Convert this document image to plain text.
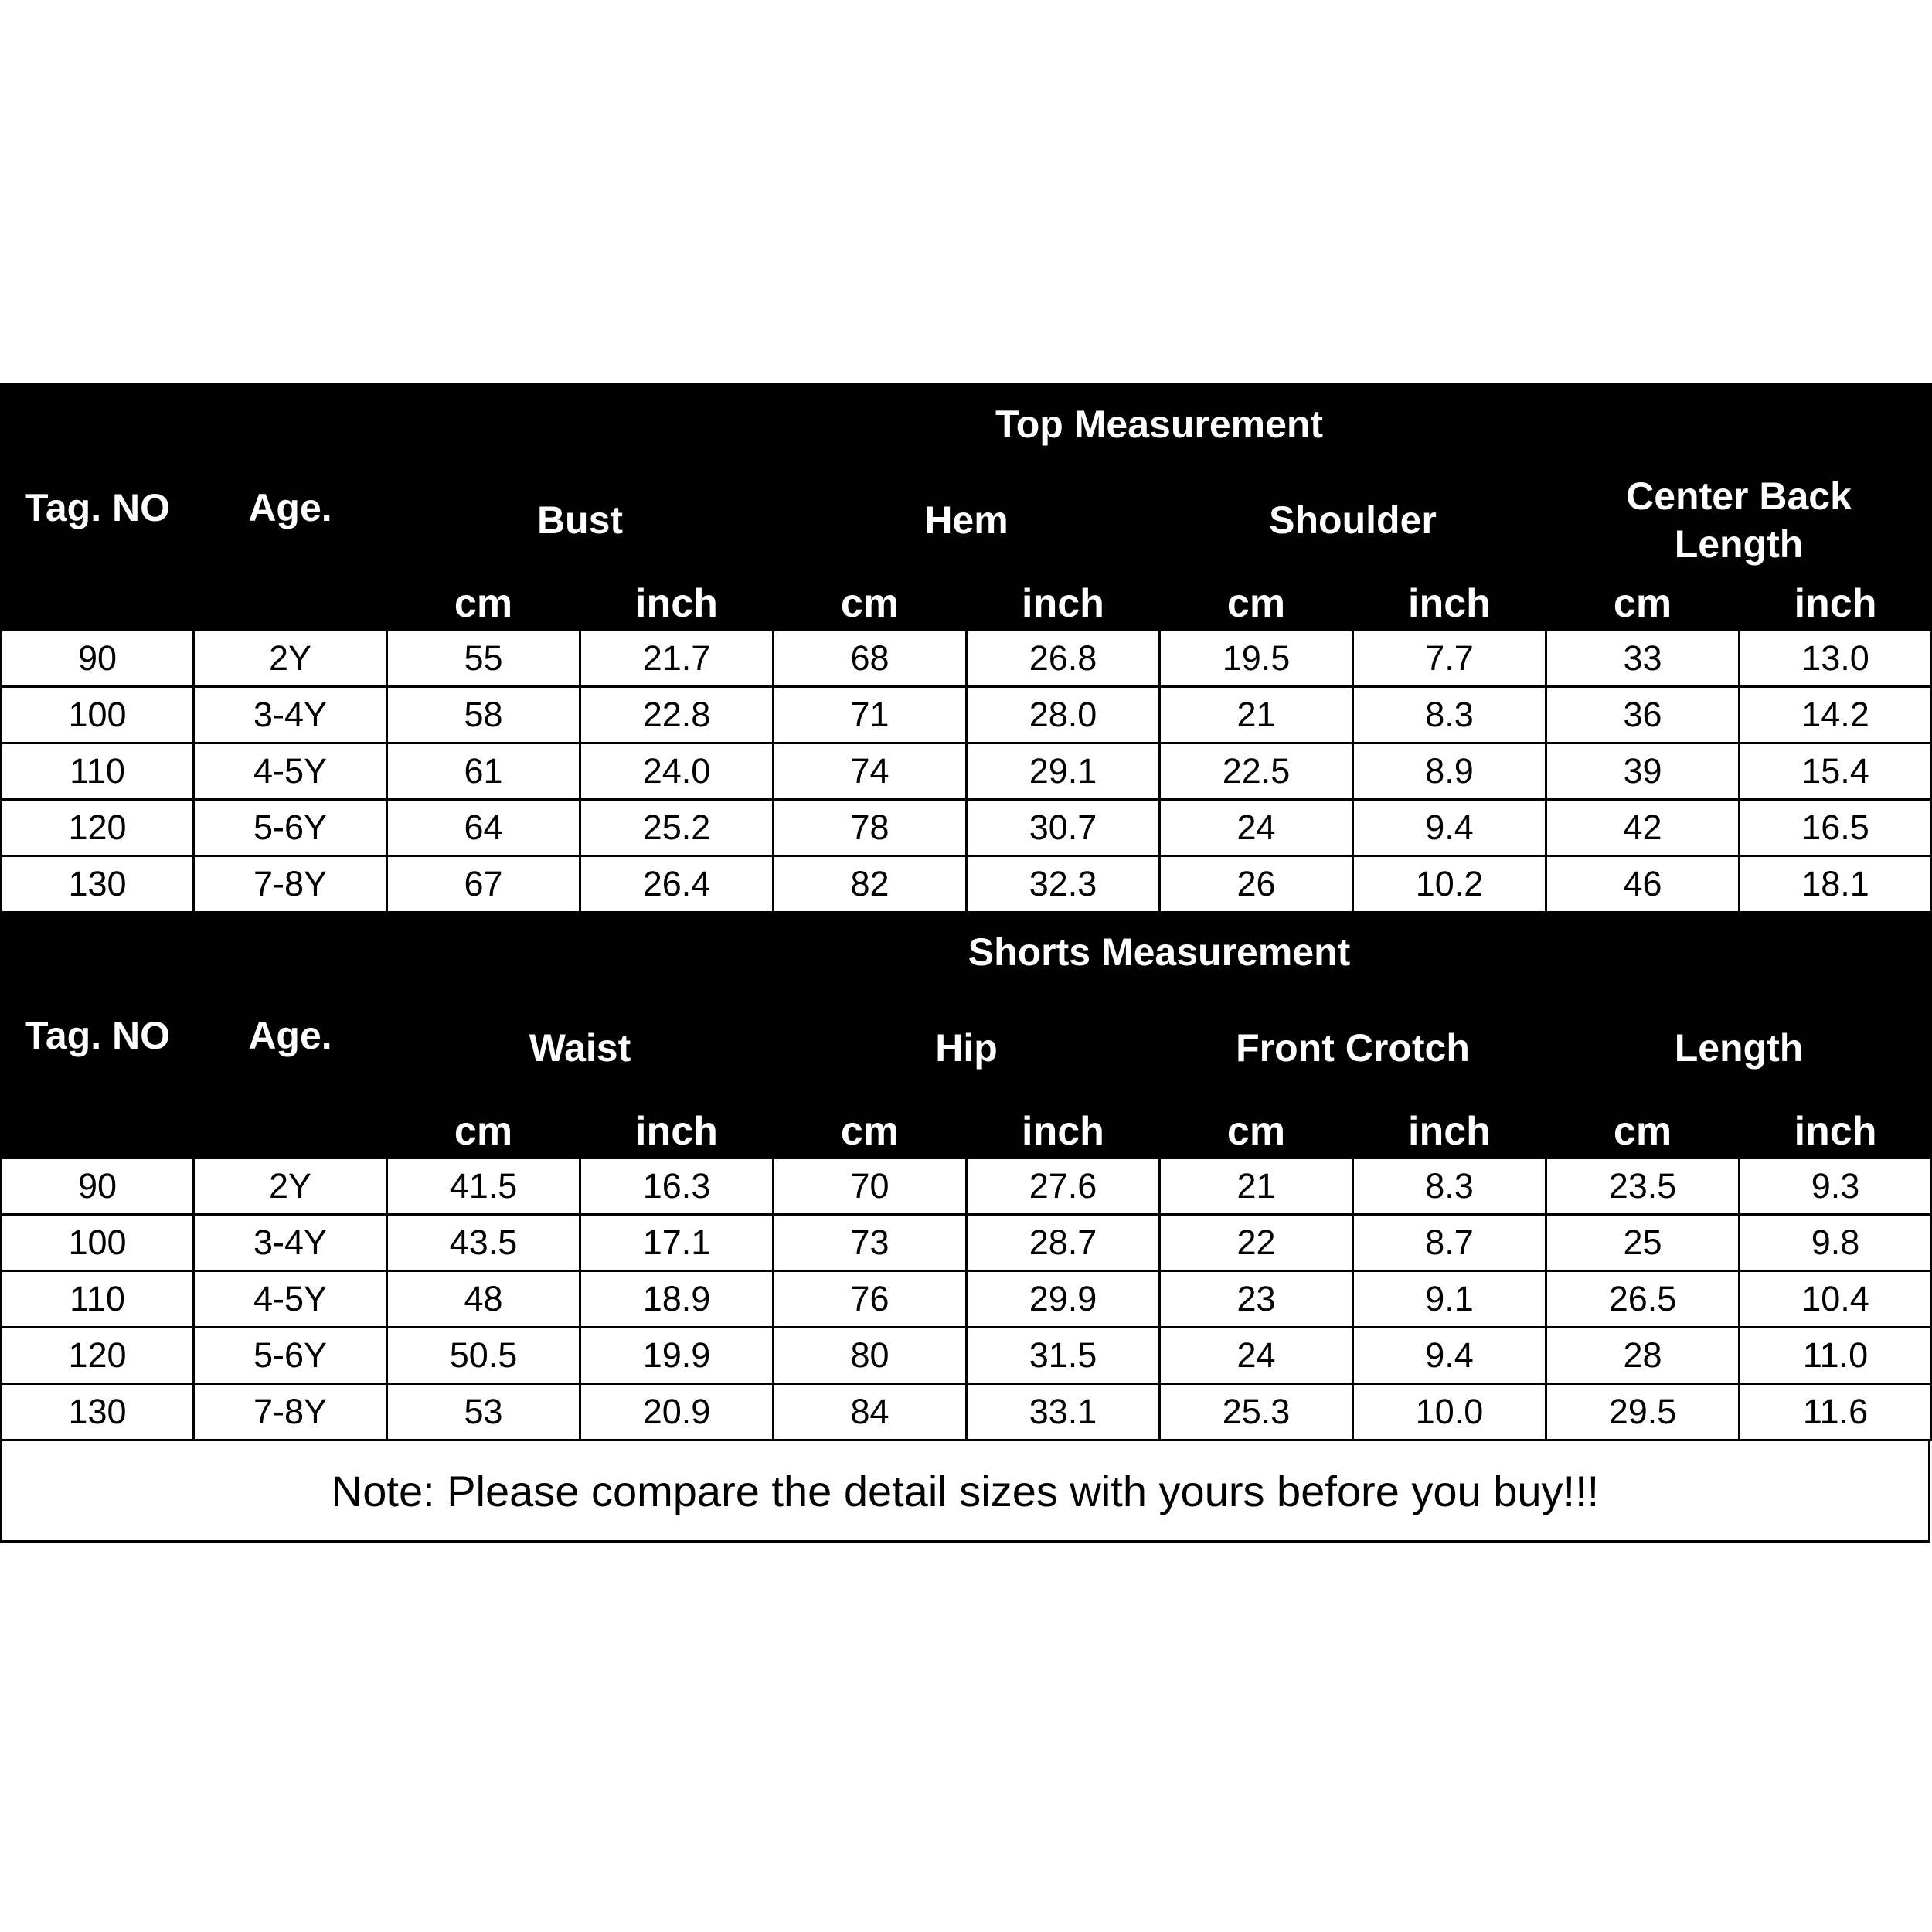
Tag. NO	Age.	Top Measurement							
		Bust		Hem		Shoulder		Center Back Length	
		cm	inch	cm	inch	cm	inch	cm	inch
90	2Y	55	21.7	68	26.8	19.5	7.7	33	13.0
100	3-4Y	58	22.8	71	28.0	21	8.3	36	14.2
110	4-5Y	61	24.0	74	29.1	22.5	8.9	39	15.4
120	5-6Y	64	25.2	78	30.7	24	9.4	42	16.5
130	7-8Y	67	26.4	82	32.3	26	10.2	46	18.1
Tag. NO	Age.	Shorts Measurement							
		Waist		Hip		Front Crotch		Length	
		cm	inch	cm	inch	cm	inch	cm	inch
90	2Y	41.5	16.3	70	27.6	21	8.3	23.5	9.3
100	3-4Y	43.5	17.1	73	28.7	22	8.7	25	9.8
110	4-5Y	48	18.9	76	29.9	23	9.1	26.5	10.4
120	5-6Y	50.5	19.9	80	31.5	24	9.4	28	11.0
130	7-8Y	53	20.9	84	33.1	25.3	10.0	29.5	11.6
Note: Please compare the detail sizes with yours before you buy!!!
